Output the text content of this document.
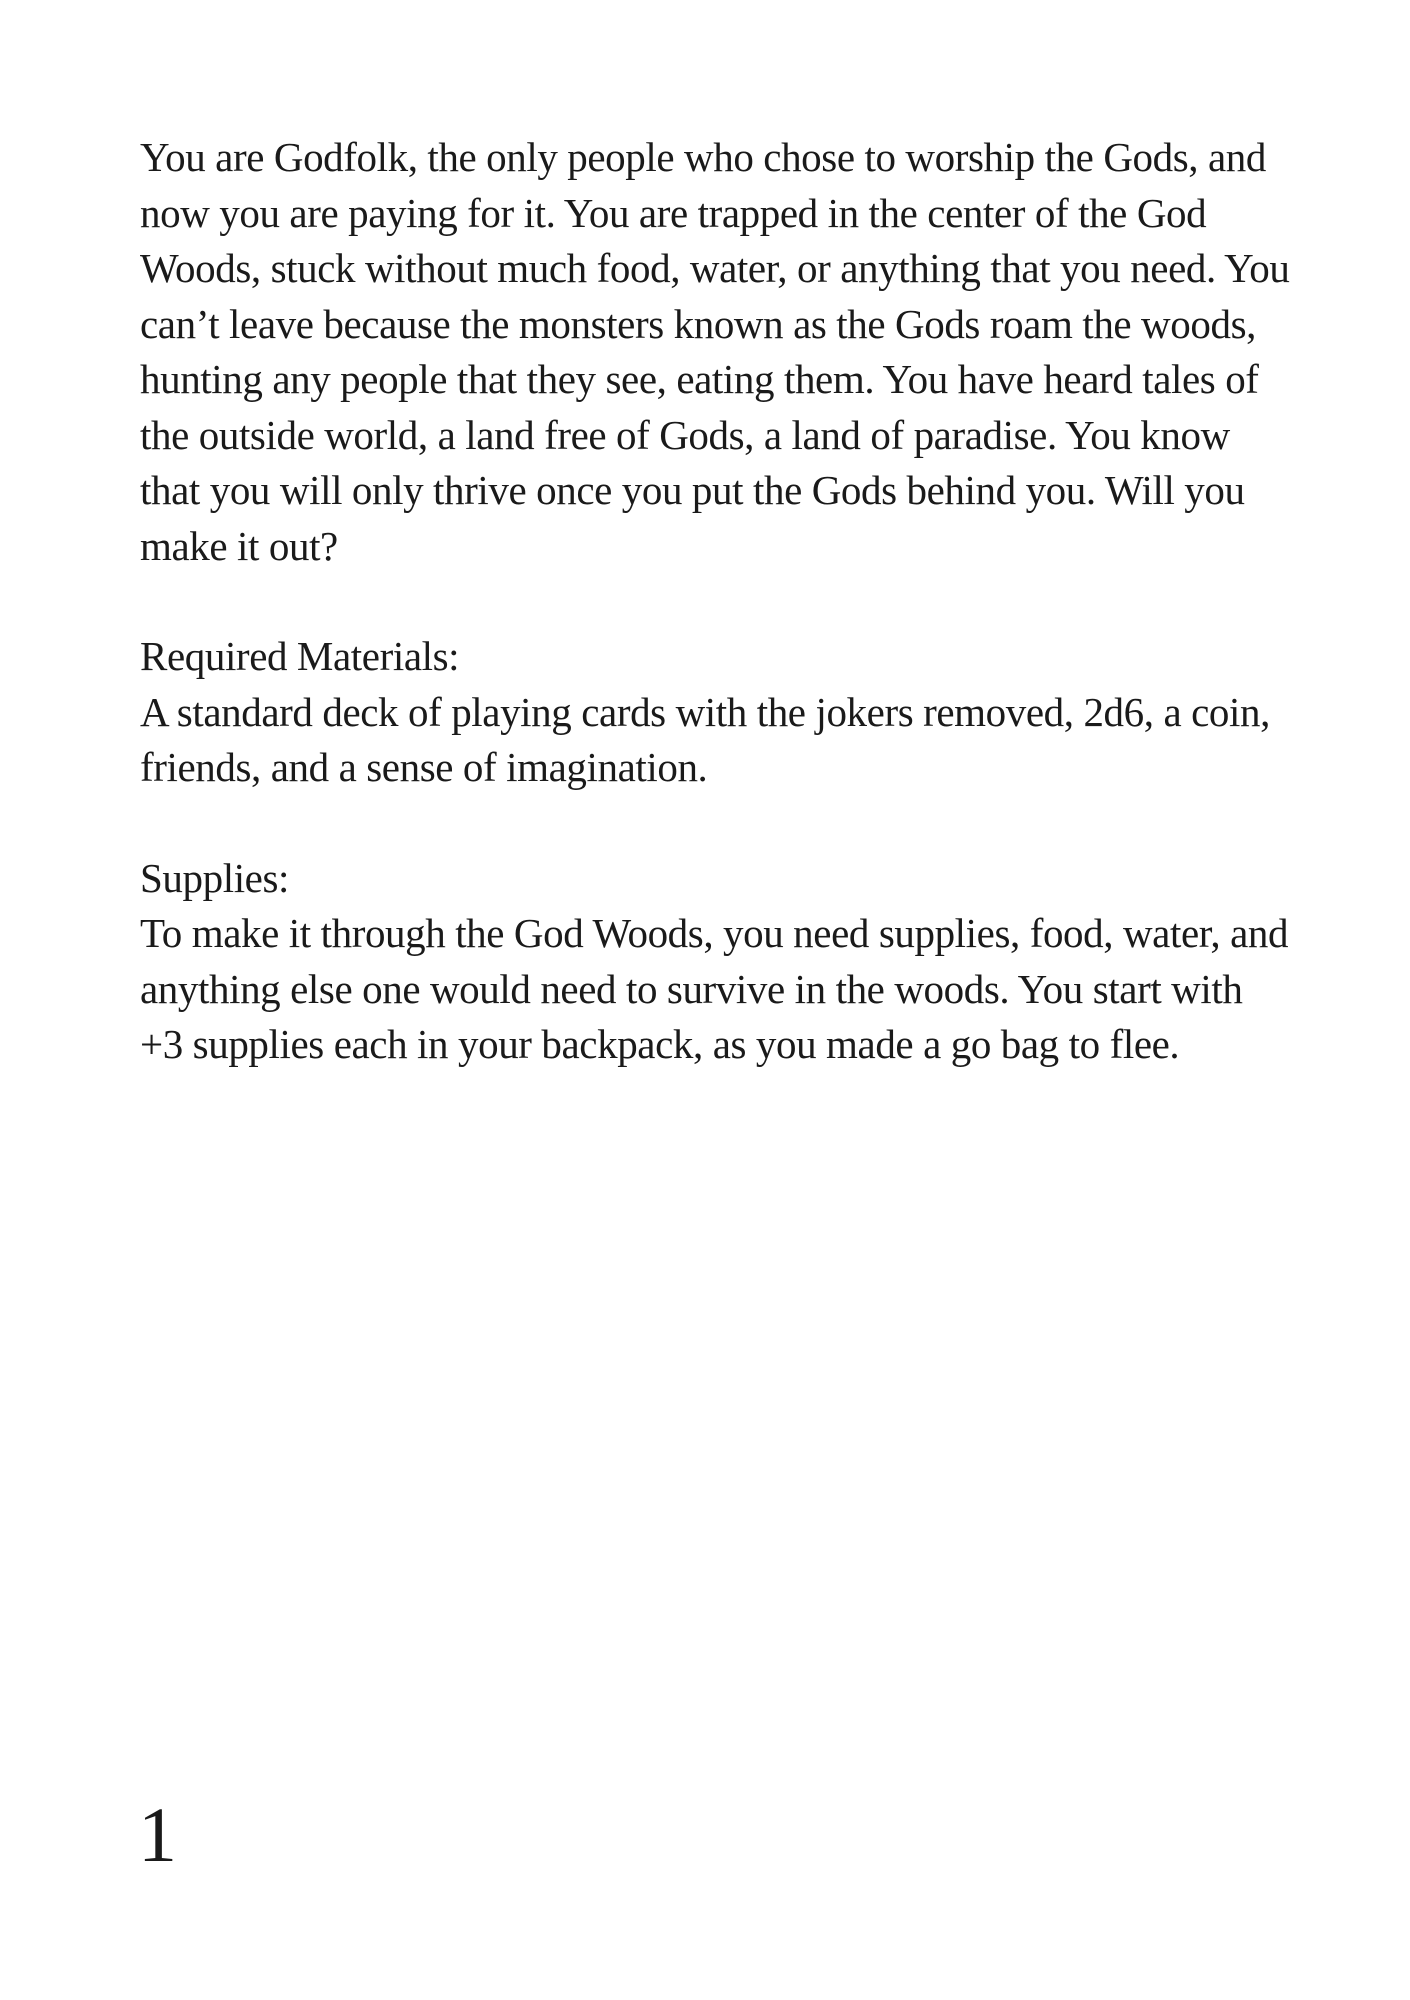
You are Godfolk, the only people who chose to worship the Gods, and now you are paying for it. You are trapped in the center of the God Woods, stuck without much food, water, or anything that you need. You can’t leave because the monsters known as the Gods roam the woods, hunting any people that they see, eating them. You have heard tales of the outside world, a land free of Gods, a land of paradise. You know that you will only thrive once you put the Gods behind you. Will you make it out?

Required Materials:

A standard deck of playing cards with the jokers removed, 2d6, a coin, friends, and a sense of imagination.

Supplies:

To make it through the God Woods, you need supplies, food, water, and anything else one would need to survive in the woods. You start with +3 supplies each in your backpack, as you made a go bag to flee.

1
